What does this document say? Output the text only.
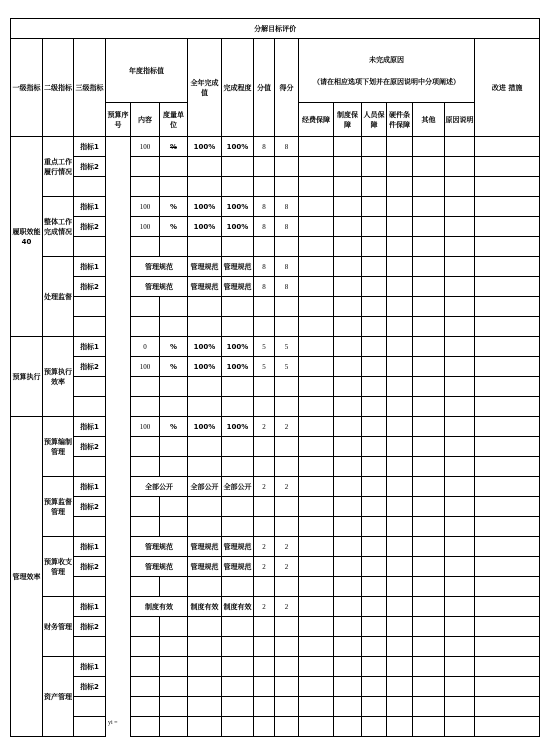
分解目标评价																
一级指标	二级指标	三级指标	年度指标值			全年完成值	完成程度	分值	得分	未完成原因
（请在相应选项下划并在原因说明中分项阐述）						改进 措施
			预算序号	内容	度量单位					经费保障	制度保障	人员保障	硬件条件保障	其他	原因说明	
履职效能40	重点工作履行情况	指标1		100	%	100%	100%	8	8							
		指标2														

	整体工作完成情况	指标1		100	%	100%	100%	8	8							
		指标2		100	%	100%	100%	8	8							

	处理监督	指标1		管理规范		管理规范	管理规范	8	8							
		指标2		管理规范		管理规范	管理规范	8	8							

预算执行	预算执行效率	指标1		0	%	100%	100%	5	5							
		指标2		100	%	100%	100%	5	5							

管理效率	预算编制管理	指标1		100	%	100%	100%	2	2							
		指标2														

	预算监督管理	指标1		全部公开		全部公开	全部公开	2	2							
		指标2														

	预算收支管理	指标1		管理规范		管理规范	管理规范	2	2							
		指标2		管理规范		管理规范	管理规范	2	2							

	财务管理	指标1		制度有效		制度有效	制度有效	2	2							
		指标2														

	资产管理	指标1														
		指标2														

yi =
